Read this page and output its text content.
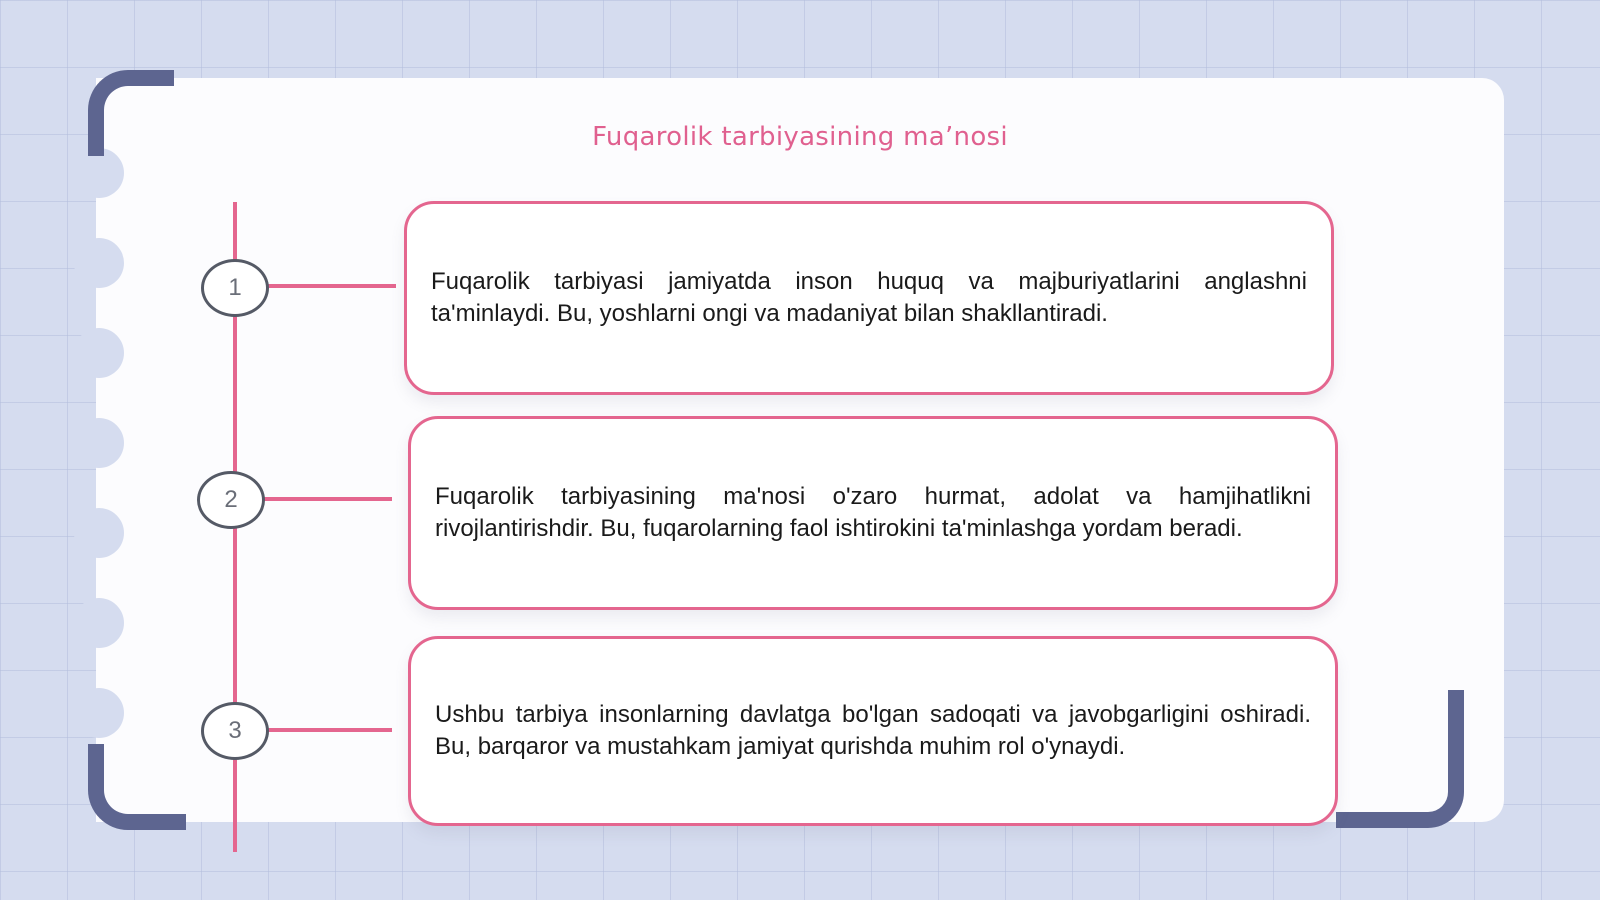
Fuqarolik tarbiyasining ma’nosi
1	Fuqarolik tarbiyasi jamiyatda inson huquq va majburiyatlarini anglashni ta'minlaydi. Bu, yoshlarni ongi va madaniyat bilan shakllantiradi.

2	Fuqarolik tarbiyasining ma'nosi o'zaro hurmat, adolat va hamjihatlikni rivojlantirishdir. Bu, fuqarolarning faol ishtirokini ta'minlashga yordam beradi.

3

Ushbu tarbiya insonlarning davlatga bo'lgan sadoqati va javobgarligini oshiradi. Bu, barqaror va mustahkam jamiyat qurishda muhim rol o'ynaydi.
